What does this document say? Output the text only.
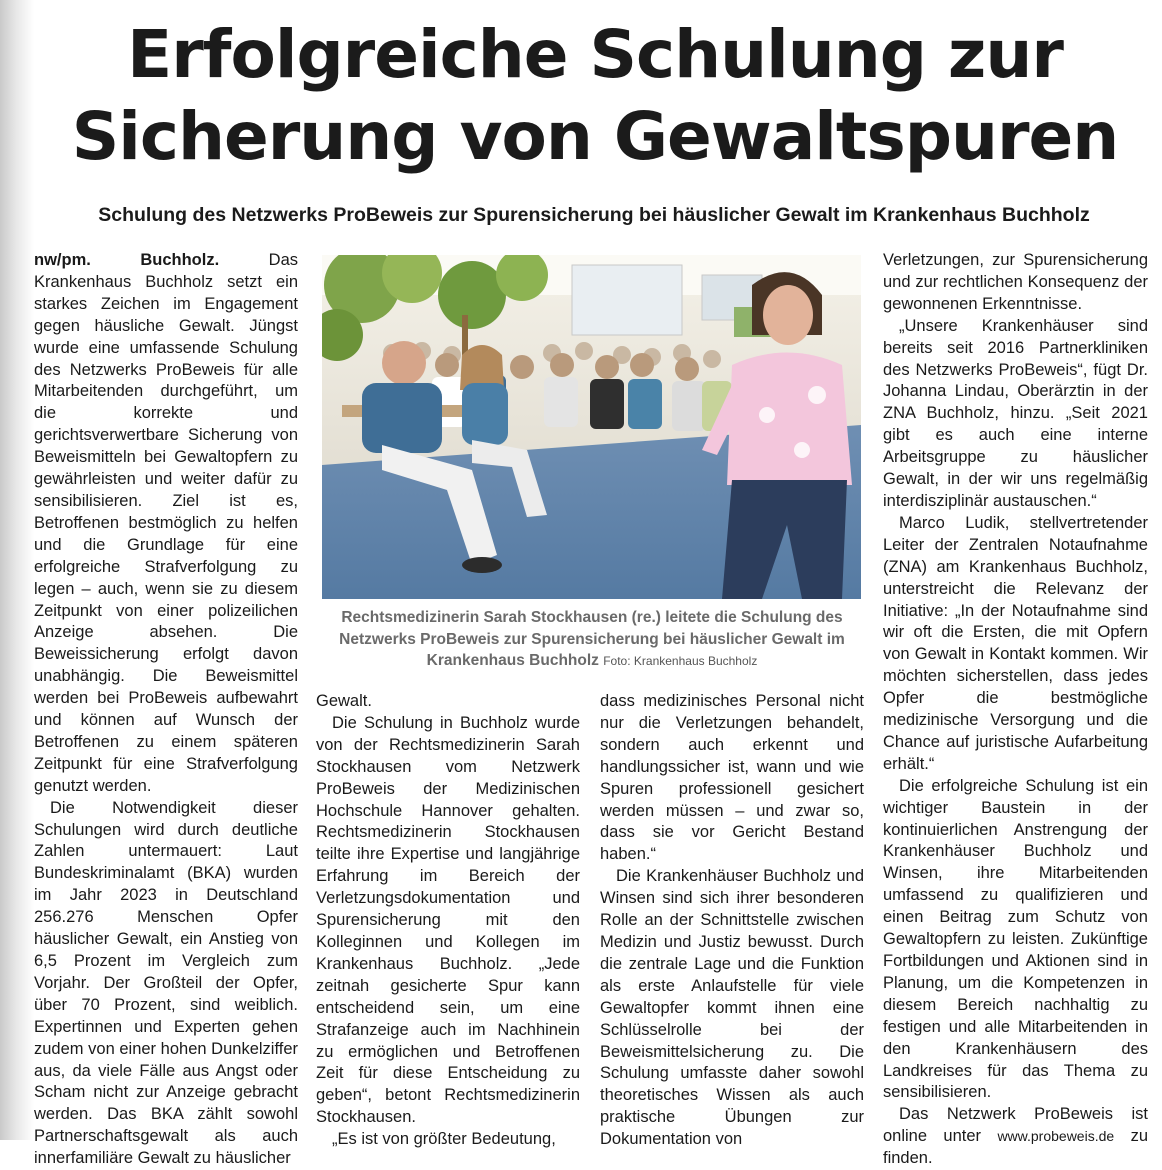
Erfolgreiche Schulung zur Sicherung von Gewaltspuren
Schulung des Netzwerks ProBeweis zur Spurensicherung bei häuslicher Gewalt im Krankenhaus Buchholz

nw/pm. Buchholz.	Das Krankenhaus Buchholz setzt ein starkes Zeichen im Engagement gegen häusliche Gewalt. Jüngst wurde eine umfassende Schulung des Netzwerks ProBeweis für alle Mitarbeitenden durchgeführt, um die korrekte und gerichtsverwertbare Sicherung von Beweismitteln bei Gewaltopfern zu gewährleisten und weiter dafür zu sensibilisieren. Ziel ist es, Betroffenen bestmöglich zu helfen und die Grundlage für eine erfolgreiche Strafverfolgung zu legen – auch, wenn sie zu diesem Zeitpunkt von einer polizeilichen Anzeige absehen. Die Beweissicherung erfolgt davon unabhängig. Die Beweismittel werden bei ProBeweis aufbewahrt und können auf Wunsch der Betroffenen zu einem späteren Zeitpunkt für eine Strafverfolgung genutzt werden.

Die Notwendigkeit dieser Schulungen wird durch deutliche Zahlen untermauert: Laut Bundeskriminalamt (BKA) wurden im Jahr 2023 in Deutschland 256.276 Menschen Opfer häuslicher Gewalt, ein Anstieg von 6,5 Prozent im Vergleich zum Vorjahr. Der Großteil der Opfer, über 70 Prozent, sind weiblich. Expertinnen und Experten gehen zudem von einer hohen Dunkelziffer aus, da viele Fälle aus Angst oder Scham nicht zur Anzeige gebracht werden. Das BKA zählt sowohl Partnerschaftsgewalt als auch innerfamiliäre Gewalt zu häuslicher

Rechtsmedizinerin Sarah Stockhausen (re.) leitete die Schulung des Netzwerks ProBeweis zur Spurensicherung bei häuslicher Gewalt im Krankenhaus Buchholz Foto: Krankenhaus Buchholz

Gewalt.

Die Schulung in Buchholz wurde von der Rechtsmedizinerin Sarah Stockhausen vom Netzwerk ProBeweis der Medizinischen Hochschule Hannover gehalten. Rechtsmedizinerin Stockhausen teilte ihre Expertise und langjährige Erfahrung im Bereich der Verletzungsdokumentation und Spurensicherung mit den Kolleginnen und Kollegen im Krankenhaus Buchholz. „Jede zeitnah gesicherte Spur kann entscheidend sein, um eine Strafanzeige auch im Nachhinein zu ermöglichen und Betroffenen Zeit für diese Entscheidung zu geben“, betont Rechtsmedizinerin Stockhausen.

„Es ist von größter Bedeutung,

dass medizinisches Personal nicht nur die Verletzungen behandelt, sondern auch erkennt und handlungssicher ist, wann und wie Spuren professionell gesichert werden müssen – und zwar so, dass sie vor Gericht Bestand haben.“

Die Krankenhäuser Buchholz und Winsen sind sich ihrer besonderen Rolle an der Schnittstelle zwischen Medizin und Justiz bewusst. Durch die zentrale Lage und die Funktion als erste Anlaufstelle für viele Gewaltopfer kommt ihnen eine Schlüsselrolle bei der Beweismittelsicherung zu. Die Schulung umfasste daher sowohl theoretisches Wissen als auch praktische Übungen zur Dokumentation von

Verletzungen, zur Spurensicherung und zur rechtlichen Konsequenz der gewonnenen Erkenntnisse.

„Unsere Krankenhäuser sind bereits seit 2016 Partnerkliniken des Netzwerks ProBeweis“, fügt Dr. Johanna Lindau, Oberärztin in der ZNA Buchholz, hinzu. „Seit 2021 gibt es auch eine interne Arbeitsgruppe zu häuslicher Gewalt, in der wir uns regelmäßig interdisziplinär austauschen.“

Marco Ludik, stellvertretender Leiter der Zentralen Notaufnahme (ZNA) am Krankenhaus Buchholz, unterstreicht die Relevanz der Initiative: „In der Notaufnahme sind wir oft die Ersten, die mit Opfern von Gewalt in Kontakt kommen. Wir möchten sicherstellen, dass jedes Opfer die bestmögliche medizinische Versorgung und die Chance auf juristische Aufarbeitung erhält.“

Die erfolgreiche Schulung ist ein wichtiger Baustein in der kontinuierlichen Anstrengung der Krankenhäuser Buchholz und Winsen, ihre Mitarbeitenden umfassend zu qualifizieren und einen Beitrag zum Schutz von Gewaltopfern zu leisten. Zukünftige Fortbildungen und Aktionen sind in Planung, um die Kompetenzen in diesem Bereich nachhaltig zu festigen und alle Mitarbeitenden in den Krankenhäusern des Landkreises für das Thema zu sensibilisieren.

Das Netzwerk ProBeweis ist online unter www.probeweis.de zu finden.
